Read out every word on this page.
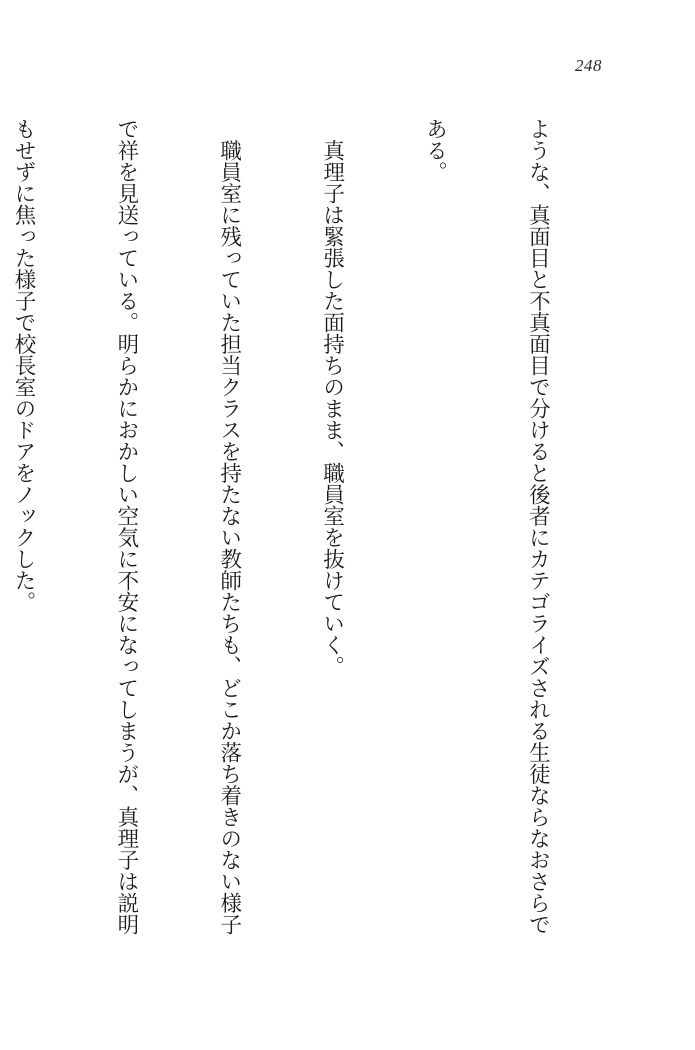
248

ような、真面目と不真面目で分けると後者にカテゴライズされる生徒ならなおさらで

ある。

　真理子は緊張した面持ちのまま、職員室を抜けていく。

　職員室に残っていた担当クラスを持たない教師たちも、どこか落ち着きのない様子

で祥を見送っている。明らかにおかしい空気に不安になってしまうが、真理子は説明

もせずに焦った様子で校長室のドアをノックした。
